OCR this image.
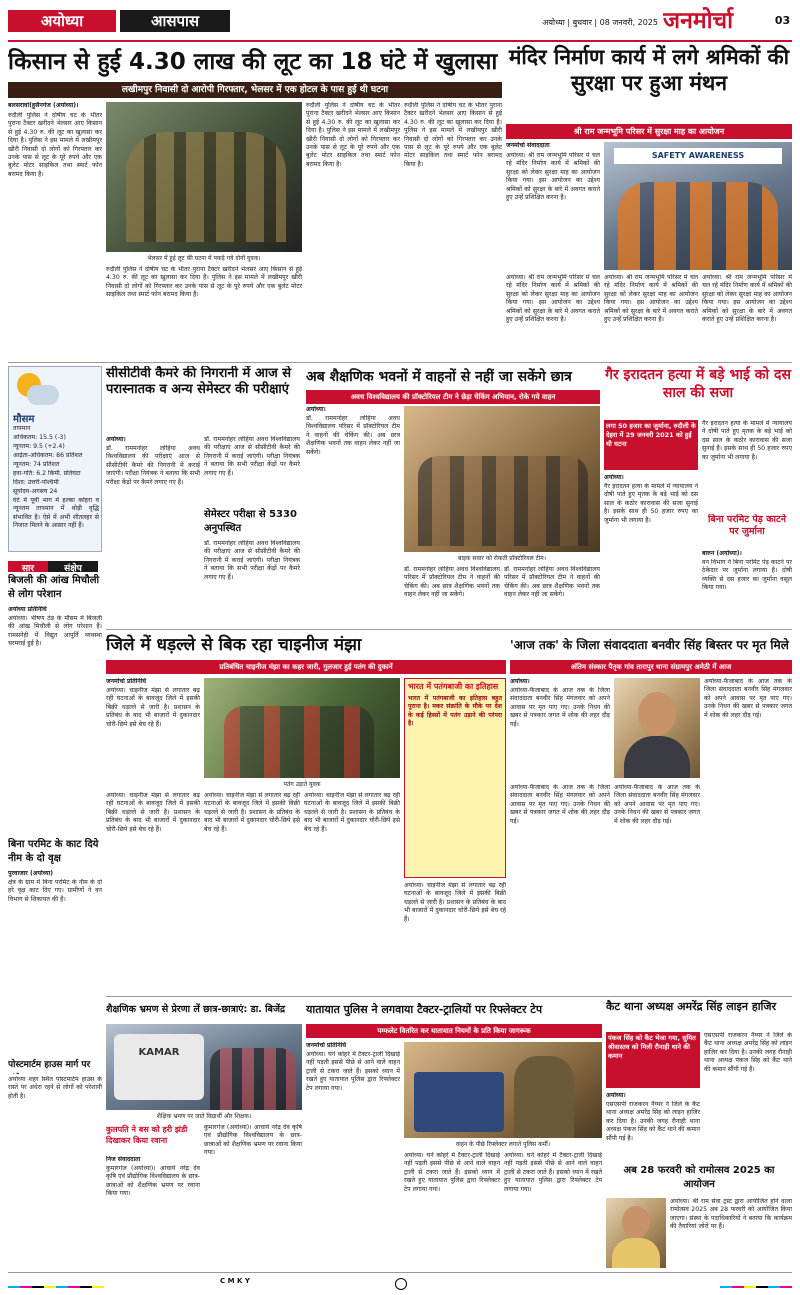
अयोध्या	आसपास	अयोध्या | बुधवार | 08 जनवरी, 2025 जनमोर्चा	03
किसान से हुई 4.30 लाख की लूट का 18 घंटे में खुलासा
लखीमपुर निवासी दो आरोपी गिरफ्तार, भेलसर में एक होटल के पास हुई थी घटना
बलसरावां(हुसैनगंज (अयोध्या)।
रुदौली पुलिस ने दोषीय चट के भीतर पुराना टैक्टर खरीदने भेलसर आए किसान से हुई 4.30 रु. की लूट का खुलासा कर दिया है। पुलिस ने इस मामले में लखीमपुर खीरी निवासी दो लोगों को गिरफ्तार कर उनके पास से लूट के पूरे रुपये और एक बुलेट मोटर साइकिल तथा स्मार्ट फोन बरामद किया है।
भेलसर में हुई लूट की घटना में पकड़े गये दोनों युवक।
रुदौली पुलिस ने दोषीय चट के भीतर पुराना टैक्टर खरीदने भेलसर आए किसान से हुई 4.30 रु. की लूट का खुलासा कर दिया है। पुलिस ने इस मामले में लखीमपुर खीरी निवासी दो लोगों को गिरफ्तार कर उनके पास से लूट के पूरे रुपये और एक बुलेट मोटर साइकिल तथा स्मार्ट फोन बरामद किया है।
रुदौली पुलिस ने दोषीय चट के भीतर पुराना टैक्टर खरीदने भेलसर आए किसान से हुई 4.30 रु. की लूट का खुलासा कर दिया है। पुलिस ने इस मामले में लखीमपुर खीरी निवासी दो लोगों को गिरफ्तार कर उनके पास से लूट के पूरे रुपये और एक बुलेट मोटर साइकिल तथा स्मार्ट फोन बरामद किया है।
रुदौली पुलिस ने दोषीय चट के भीतर पुराना टैक्टर खरीदने भेलसर आए किसान से हुई 4.30 रु. की लूट का खुलासा कर दिया है। पुलिस ने इस मामले में लखीमपुर खीरी निवासी दो लोगों को गिरफ्तार कर उनके पास से लूट के पूरे रुपये और एक बुलेट मोटर साइकिल तथा स्मार्ट फोन बरामद किया है।
मंदिर निर्माण कार्य में लगे श्रमिकों की सुरक्षा पर हुआ मंथन
श्री राम जन्मभूमि परिसर में सुरक्षा माह का आयोजन
जनमोर्चा संवाददाता
अयोध्या। श्री राम जन्मभूमि परिसर में चल रहे मंदिर निर्माण कार्य में श्रमिकों की सुरक्षा को लेकर सुरक्षा माह का आयोजन किया गया। इस आयोजन का उद्देश्य श्रमिकों को सुरक्षा के बारे में अवगत कराते हुए उन्हें प्रशिक्षित करना है।
SAFETY AWARENESS
अयोध्या। श्री राम जन्मभूमि परिसर में चल रहे मंदिर निर्माण कार्य में श्रमिकों की सुरक्षा को लेकर सुरक्षा माह का आयोजन किया गया। इस आयोजन का उद्देश्य श्रमिकों को सुरक्षा के बारे में अवगत कराते हुए उन्हें प्रशिक्षित करना है।
अयोध्या। श्री राम जन्मभूमि परिसर में चल रहे मंदिर निर्माण कार्य में श्रमिकों की सुरक्षा को लेकर सुरक्षा माह का आयोजन किया गया। इस आयोजन का उद्देश्य श्रमिकों को सुरक्षा के बारे में अवगत कराते हुए उन्हें प्रशिक्षित करना है।
अयोध्या। श्री राम जन्मभूमि परिसर में चल रहे मंदिर निर्माण कार्य में श्रमिकों की सुरक्षा को लेकर सुरक्षा माह का आयोजन किया गया। इस आयोजन का उद्देश्य श्रमिकों को सुरक्षा के बारे में अवगत कराते हुए उन्हें प्रशिक्षित करना है।
मौसम
तापमान
अधिकतम: 15.5 (-3)
न्यूनतम: 9.5 (+2.4)
आर्द्रता-अधिकतम: 86 प्रतिशत
न्यूनतम: 74 प्रतिशत
हवा-गति: 6.2 किमी. प्रतिघंटा
दिशा: उत्तरी-पश्चिमी
सूर्योदय-अगस्त्य 24
घंटे में पूर्वी भाग में हल्का कोहरा व न्यूनतम तापमान में थोड़ी वृद्धि संभावित है। ऐसे में अभी शीतलहर से निजात मिलने के आसार नहीं हैं।
सार	संक्षेप
बिजली की आंख मिचौली से लोग परेशान
अयोध्या प्रतिनिधि
अयोध्या। भीषण ठंड के मौसम में बिजली की आंख मिचौली से लोग परेशान हैं। रामसनेही में विद्युत आपूर्ति व्यवस्था चरमराई हुई है।
बिना परमिट के काट दिये नीम के दो वृक्ष
पुरवाजार (अयोध्या)
क्षेत्र के ग्राम में बिना परमिट के नीम के दो हरे वृक्ष काट दिए गए। ग्रामीणों ने वन विभाग से शिकायत की है।
पोस्टमार्टम हाउस मार्ग पर
अयोध्या शहर स्थित पोस्टमार्टम हाउस के रास्ते पर अंधेरा रहने से लोगों को परेशानी होती है।
सीसीटीवी कैमरे की निगरानी में आज से परास्नातक व अन्य सेमेस्टर की परीक्षाएं
अयोध्या।
डॉ. राममनोहर लोहिया अवध विश्वविद्यालय की परीक्षाएं आज से सीसीटीवी कैमरे की निगरानी में कराई जाएंगी। परीक्षा नियंत्रक ने बताया कि सभी परीक्षा केंद्रों पर कैमरे लगाए गए हैं।
डॉ. राममनोहर लोहिया अवध विश्वविद्यालय की परीक्षाएं आज से सीसीटीवी कैमरे की निगरानी में कराई जाएंगी। परीक्षा नियंत्रक ने बताया कि सभी परीक्षा केंद्रों पर कैमरे लगाए गए हैं।
सेमेस्टर परीक्षा से 5330 अनुपस्थित
डॉ. राममनोहर लोहिया अवध विश्वविद्यालय की परीक्षाएं आज से सीसीटीवी कैमरे की निगरानी में कराई जाएंगी। परीक्षा नियंत्रक ने बताया कि सभी परीक्षा केंद्रों पर कैमरे लगाए गए हैं।
अब शैक्षणिक भवनों में वाहनों से नहीं जा सकेंगे छात्र
अवध विश्वविद्यालय की प्रॉक्टोरियल टीम ने छेड़ा चेकिंग अभियान, रोके गये वाहन
अयोध्या।
डॉ. राममनोहर लोहिया अवध विश्वविद्यालय परिसर में प्रॉक्टोरियल टीम ने वाहनों की चेकिंग की। अब छात्र शैक्षणिक भवनों तक वाहन लेकर नहीं जा सकेंगे।
बाइक सवार को रोकती प्रॉक्टोरियल टीम।
डॉ. राममनोहर लोहिया अवध विश्वविद्यालय परिसर में प्रॉक्टोरियल टीम ने वाहनों की चेकिंग की। अब छात्र शैक्षणिक भवनों तक वाहन लेकर नहीं जा सकेंगे।
डॉ. राममनोहर लोहिया अवध विश्वविद्यालय परिसर में प्रॉक्टोरियल टीम ने वाहनों की चेकिंग की। अब छात्र शैक्षणिक भवनों तक वाहन लेकर नहीं जा सकेंगे।
गैर इरादतन हत्या में बड़े भाई को दस साल की सजा
लगा 50 हजार का जुर्माना, रुदौली के देहरा में 29 जनवरी 2021 को हुई थी घटना
अयोध्या।
गैर इरादतन हत्या के मामले में न्यायालय ने दोषी पाते हुए मृतक के बड़े भाई को दस साल के कठोर कारावास की सजा सुनाई है। इसके साथ ही 50 हजार रुपए का जुर्माना भी लगाया है।
गैर इरादतन हत्या के मामले में न्यायालय ने दोषी पाते हुए मृतक के बड़े भाई को दस साल के कठोर कारावास की सजा सुनाई है। इसके साथ ही 50 हजार रुपए का जुर्माना भी लगाया है।
बिना परमिट पेड़ काटने पर जुर्माना
बारुन (अयोध्या)।
वन विभाग ने बिना परमिट पेड़ काटने पर ठेकेदार पर जुर्माना लगाया है। दोषी व्यक्ति से दस हजार का जुर्माना वसूल किया गया।
जिले में धड़ल्ले से बिक रहा चाइनीज मंझा
प्रतिबंधित चाइनीज मंझा का कहर जारी, गुलजार हुई पतंग की दुकानें
जनमोर्चा प्रतिनिधि
अयोध्या। चाइनीज मंझा से लगातार बढ़ रही घटनाओं के बावजूद जिले में इसकी बिक्री धड़ल्ले से जारी है। प्रशासन के प्रतिबंध के बाद भी बाजारों में दुकानदार चोरी-छिपे इसे बेच रहे हैं।
पतंग उड़ाते युवक
अयोध्या। चाइनीज मंझा से लगातार बढ़ रही घटनाओं के बावजूद जिले में इसकी बिक्री धड़ल्ले से जारी है। प्रशासन के प्रतिबंध के बाद भी बाजारों में दुकानदार चोरी-छिपे इसे बेच रहे हैं।
अयोध्या। चाइनीज मंझा से लगातार बढ़ रही घटनाओं के बावजूद जिले में इसकी बिक्री धड़ल्ले से जारी है। प्रशासन के प्रतिबंध के बाद भी बाजारों में दुकानदार चोरी-छिपे इसे बेच रहे हैं।
अयोध्या। चाइनीज मंझा से लगातार बढ़ रही घटनाओं के बावजूद जिले में इसकी बिक्री धड़ल्ले से जारी है। प्रशासन के प्रतिबंध के बाद भी बाजारों में दुकानदार चोरी-छिपे इसे बेच रहे हैं।
भारत में पतंगबाजी का इतिहास
भारत में पतंगबाजी का इतिहास बहुत पुराना है। मकर संक्रांति के मौके पर देश के कई हिस्सों में पतंग उड़ाने की परंपरा है।
अयोध्या। चाइनीज मंझा से लगातार बढ़ रही घटनाओं के बावजूद जिले में इसकी बिक्री धड़ल्ले से जारी है। प्रशासन के प्रतिबंध के बाद भी बाजारों में दुकानदार चोरी-छिपे इसे बेच रहे हैं।
'आज तक' के जिला संवाददाता बनवीर सिंह बिस्तर पर मृत मिले
अंतिम संस्कार पैतृक गांव तारापुर थाना संग्रामपुर अमेठी में आज
अयोध्या।
अयोध्या-फैजाबाद के आज तक के जिला संवाददाता बनवीर सिंह मंगलवार को अपने आवास पर मृत पाए गए। उनके निधन की खबर से पत्रकार जगत में शोक की लहर दौड़ गई।
अयोध्या-फैजाबाद के आज तक के जिला संवाददाता बनवीर सिंह मंगलवार को अपने आवास पर मृत पाए गए। उनके निधन की खबर से पत्रकार जगत में शोक की लहर दौड़ गई।
अयोध्या-फैजाबाद के आज तक के जिला संवाददाता बनवीर सिंह मंगलवार को अपने आवास पर मृत पाए गए। उनके निधन की खबर से पत्रकार जगत में शोक की लहर दौड़ गई।
अयोध्या-फैजाबाद के आज तक के जिला संवाददाता बनवीर सिंह मंगलवार को अपने आवास पर मृत पाए गए। उनके निधन की खबर से पत्रकार जगत में शोक की लहर दौड़ गई।
शैक्षणिक भ्रमण से प्रेरणा लें छात्र-छात्राएं: डा. बिजेंद्र
KAMAR
शैक्षिक भ्रमण पर जाते विद्यार्थी और शिक्षक।
कुलपति ने बस को हरी झंडी दिखाकर किया रवाना
निज संवाददाता
कुमारगंज (अयोध्या)। आचार्य नरेंद्र देव कृषि एवं प्रौद्योगिक विश्वविद्यालय के छात्र-छात्राओं को शैक्षणिक भ्रमण पर रवाना किया गया।
कुमारगंज (अयोध्या)। आचार्य नरेंद्र देव कृषि एवं प्रौद्योगिक विश्वविद्यालय के छात्र-छात्राओं को शैक्षणिक भ्रमण पर रवाना किया गया।
यातायात पुलिस ने लगवाया टैक्टर-ट्रालियों पर रिफ्लेक्टर टेप
पम्फलेट वितरित कर यातायात नियमों के प्रति किया जागरूक
जनमोर्चा प्रतिनिधि
अयोध्या। घने कोहरे में टैक्टर-ट्राली दिखाई नहीं पड़ती इससे पीछे से आने वाले वाहन ट्राली से टकरा जाते हैं। इसको ध्यान में रखते हुए यातायात पुलिस द्वारा रिफ्लेक्टर टेप लगाया गया।
वाहन के पीछे रिफ्लेक्टर लगाते पुलिस कर्मी।
अयोध्या। घने कोहरे में टैक्टर-ट्राली दिखाई नहीं पड़ती इससे पीछे से आने वाले वाहन ट्राली से टकरा जाते हैं। इसको ध्यान में रखते हुए यातायात पुलिस द्वारा रिफ्लेक्टर टेप लगाया गया।
अयोध्या। घने कोहरे में टैक्टर-ट्राली दिखाई नहीं पड़ती इससे पीछे से आने वाले वाहन ट्राली से टकरा जाते हैं। इसको ध्यान में रखते हुए यातायात पुलिस द्वारा रिफ्लेक्टर टेप लगाया गया।
कैट थाना अध्यक्ष अमरेंद्र सिंह लाइन हाजिर
पंकज सिंह को कैंट भेजा गया, सुमित श्रीवास्तव को मिली रौनाही थाने की कमान
अयोध्या।
एसएसपी राजकरन नैय्यर ने जिले के कैंट थाना अध्यक्ष अमरेंद्र सिंह को लाइन हाजिर कर दिया है। उनकी जगह रौनाही थाना अध्यक्ष पंकज सिंह को कैंट थाने की कमान सौंपी गई है।
एसएसपी राजकरन नैय्यर ने जिले के कैंट थाना अध्यक्ष अमरेंद्र सिंह को लाइन हाजिर कर दिया है। उनकी जगह रौनाही थाना अध्यक्ष पंकज सिंह को कैंट थाने की कमान सौंपी गई है।
अब 28 फरवरी को रामोत्सव 2025 का आयोजन
अयोध्या। श्री राम सेवा ट्रस्ट द्वारा आयोजित होने वाला रामोत्सव 2025 अब 28 फरवरी को आयोजित किया जाएगा। संस्था के पदाधिकारियों ने बताया कि कार्यक्रम की तैयारियां जोरों पर हैं।
C M K Y
